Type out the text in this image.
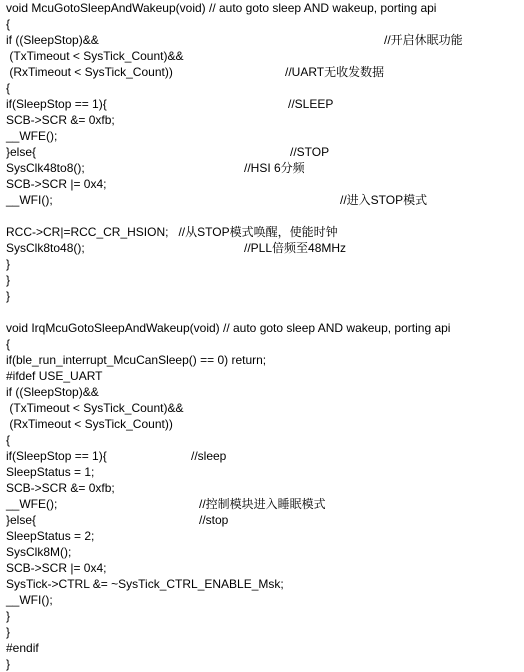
void McuGotoSleepAndWakeup(void) // auto goto sleep AND wakeup, porting api
{
if ((SleepStop)&&	//开启休眠功能
(TxTimeout < SysTick_Count)&&
(RxTimeout < SysTick_Count))	//UART无收发数据
{
if(SleepStop == 1){	//SLEEP
SCB->SCR &= 0xfb;
__WFE();
}else{	//STOP
SysClk48to8();	//HSI 6分频
SCB->SCR |= 0x4;
__WFI();	//进入STOP模式
RCC->CR|=RCC_CR_HSION;   //从STOP模式唤醒，使能时钟
SysClk8to48();	//PLL倍频至48MHz
}
}
}
void IrqMcuGotoSleepAndWakeup(void) // auto goto sleep AND wakeup, porting api
{
if(ble_run_interrupt_McuCanSleep() == 0) return;
#ifdef USE_UART
if ((SleepStop)&&
(TxTimeout < SysTick_Count)&&
(RxTimeout < SysTick_Count))
{
if(SleepStop == 1){	//sleep
SleepStatus = 1;
SCB->SCR &= 0xfb;
__WFE();	//控制模块进入睡眠模式
}else{	//stop
SleepStatus = 2;
SysClk8M();
SCB->SCR |= 0x4;
SysTick->CTRL &= ~SysTick_CTRL_ENABLE_Msk;
__WFI();
}
}
#endif
}
